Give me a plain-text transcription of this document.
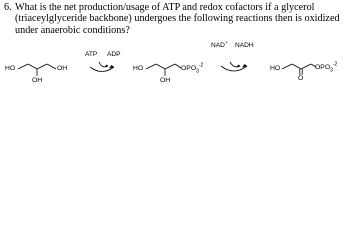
6. What is the net production/usage of ATP and redox cofactors if a glycerol (triaceylglyceride backbone) undergoes the following reactions then is oxidized under anaerobic conditions?
HO	OH
OH
ATP ADP
HO	$OPO_3^{-2}$
OH
NAD+ NADH
HO
O
$OPO_3^{-2}$
